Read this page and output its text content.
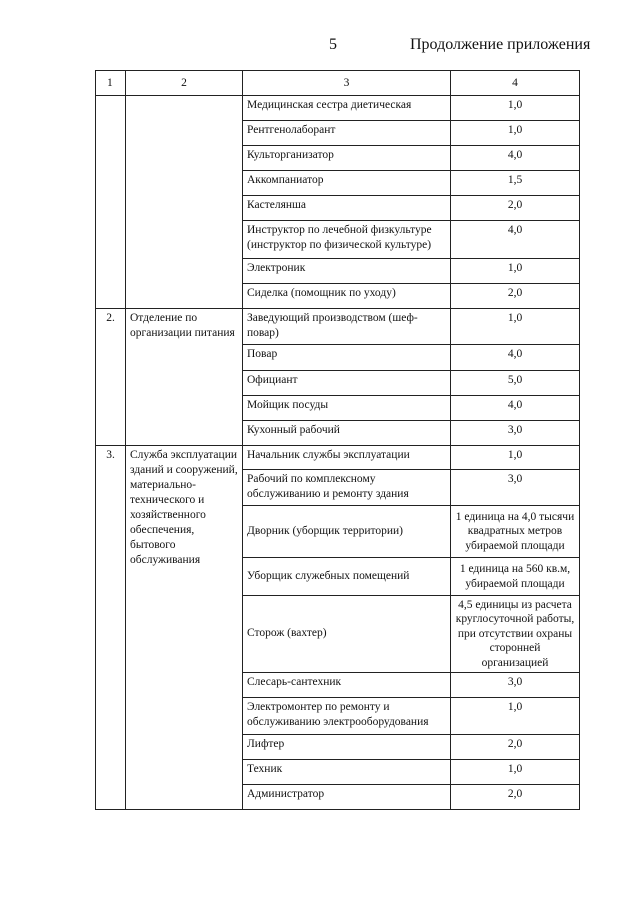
5	Продолжение приложения
1	2	3	4
		Медицинская сестра диетическая	1,0
		Рентгенолаборант	1,0
		Культорганизатор	4,0
		Аккомпаниатор	1,5
		Кастелянша	2,0
		Инструктор по лечебной физкультуре (инструктор по физической культуре)	4,0
		Электроник	1,0
		Сиделка (помощник по уходу)	2,0
2.	Отделение по организации питания	Заведующий производством (шеф-повар)	1,0
		Повар	4,0
		Официант	5,0
		Мойщик посуды	4,0
		Кухонный рабочий	3,0
3.	Служба эксплуатации зданий и сооружений, материально-технического и хозяйственного обеспечения, бытового обслуживания	Начальник службы эксплуатации	1,0
		Рабочий по комплексному обслуживанию и ремонту здания	3,0
		Дворник (уборщик территории)	1 единица на 4,0 тысячи квадратных метров убираемой площади
		Уборщик служебных помещений	1 единица на 560 кв.м, убираемой площади
		Сторож (вахтер)	4,5 единицы из расчета круглосуточной работы, при отсутствии охраны сторонней организацией
		Слесарь-сантехник	3,0
		Электромонтер по ремонту и обслуживанию электрооборудования	1,0
		Лифтер	2,0
		Техник	1,0
		Администратор	2,0
